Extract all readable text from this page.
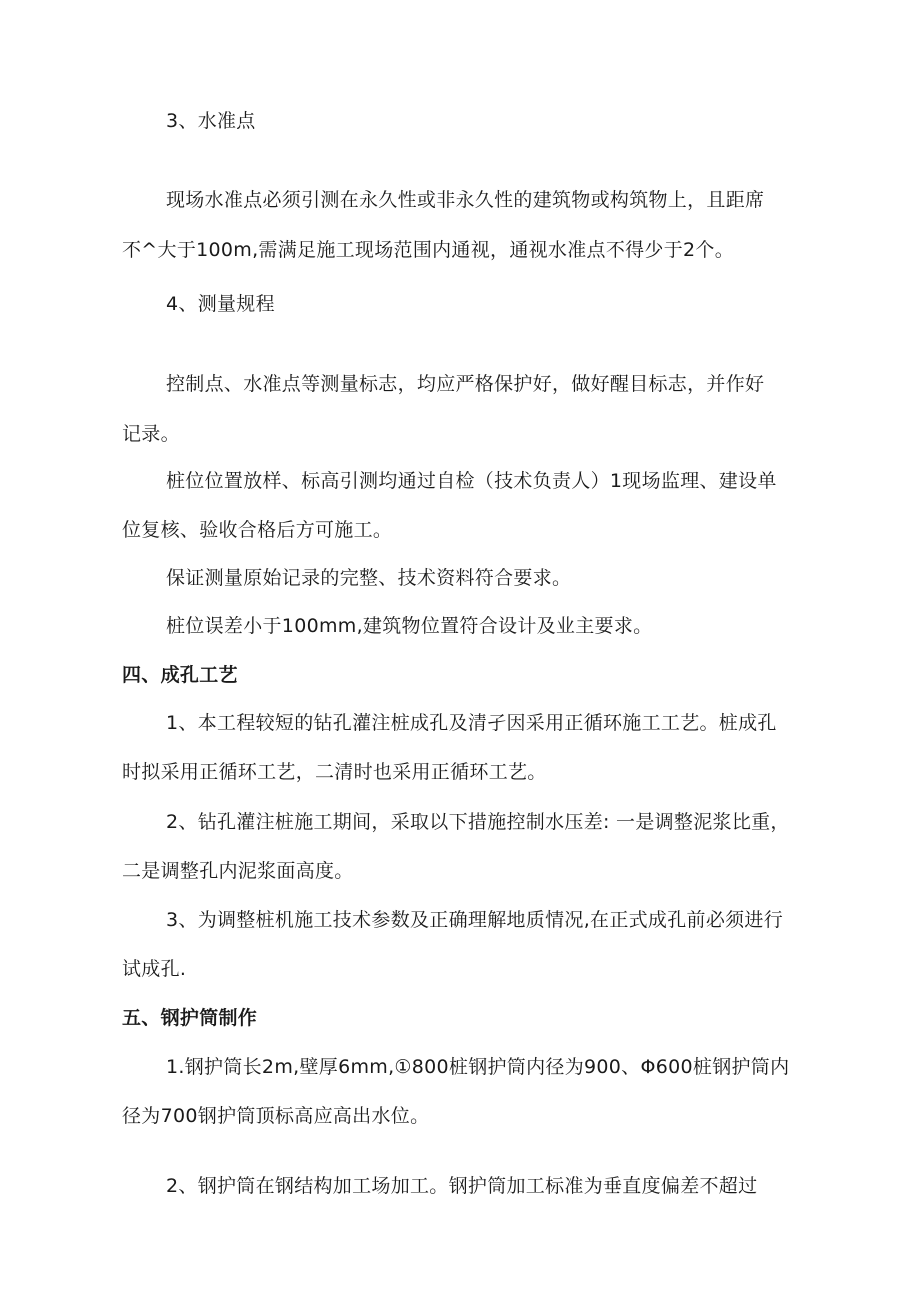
3、水准点
现场水准点必须引测在永久性或非永久性的建筑物或构筑物上，且距席
不^大于100m,需满足施工现场范围内通视，通视水准点不得少于2个。
4、测量规程
控制点、水准点等测量标志，均应严格保护好，做好醒目标志，并作好
记录。
桩位位置放样、标高引测均通过自检（技术负责人）1现场监理、建设单
位复核、验收合格后方可施工。
保证测量原始记录的完整、技术资料符合要求。
桩位误差小于100mm,建筑物位置符合设计及业主要求。
四、成孔工艺
1、本工程较短的钻孔灌注桩成孔及清孑因采用正循环施工工艺。桩成孔
时拟采用正循环工艺，二清时也采用正循环工艺。
2、钻孔灌注桩施工期间，采取以下措施控制水压差: 一是调整泥浆比重，
二是调整孔内泥浆面高度。
3、为调整桩机施工技术参数及正确理解地质情况,在正式成孔前必须进行
试成孔.
五、钢护筒制作
1.钢护筒长2m,壁厚6mm,①800桩钢护筒内径为900、Φ600桩钢护筒内
径为700钢护筒顶标高应高出水位。
2、钢护筒在钢结构加工场加工。钢护筒加工标准为垂直度偏差不超过
